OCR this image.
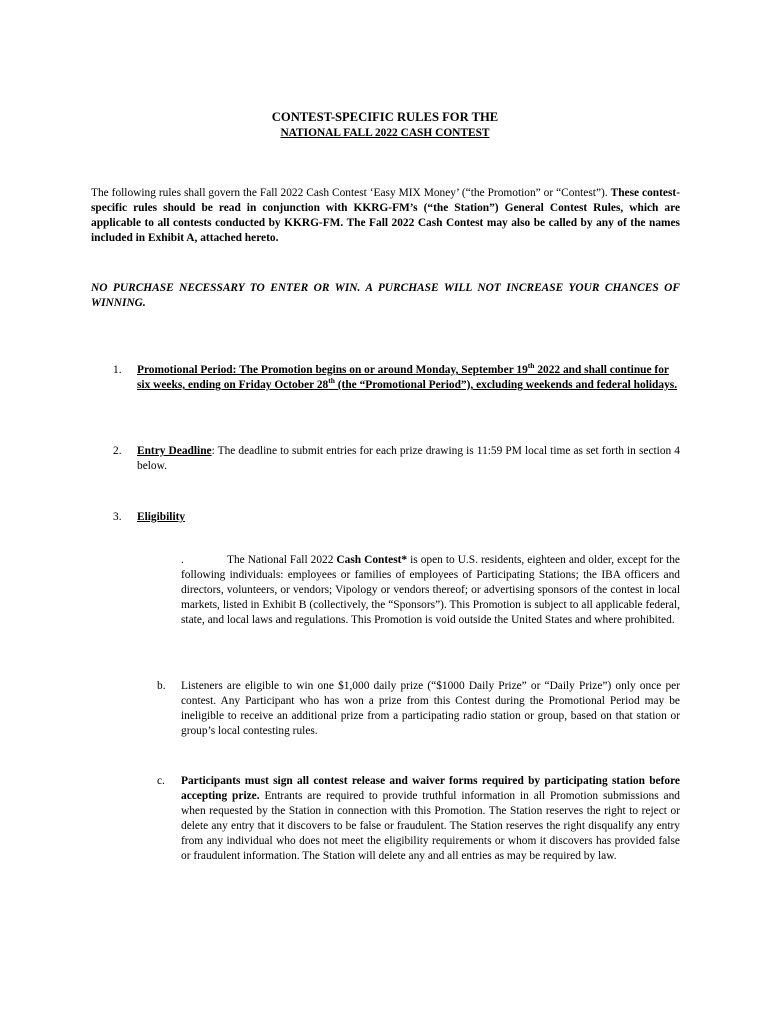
CONTEST-SPECIFIC RULES FOR THE
NATIONAL FALL 2022 CASH CONTEST
The following rules shall govern the Fall 2022 Cash Contest ‘Easy MIX Money’ (“the Promotion” or “Contest”). These contest-specific rules should be read in conjunction with KKRG-FM’s (“the Station”) General Contest Rules, which are applicable to all contests conducted by KKRG-FM. The Fall 2022 Cash Contest may also be called by any of the names included in Exhibit A, attached hereto.
NO PURCHASE NECESSARY TO ENTER OR WIN. A PURCHASE WILL NOT INCREASE YOUR CHANCES OF WINNING.
1. Promotional Period: The Promotion begins on or around Monday, September 19th 2022 and shall continue for six weeks, ending on Friday October 28th (the “Promotional Period”), excluding weekends and federal holidays.
2. Entry Deadline: The deadline to submit entries for each prize drawing is 11:59 PM local time as set forth in section 4 below.
3. Eligibility
.	The National Fall 2022 Cash Contest* is open to U.S. residents, eighteen and older, except for the following individuals: employees or families of employees of Participating Stations; the IBA officers and directors, volunteers, or vendors; Vipology or vendors thereof; or advertising sponsors of the contest in local markets, listed in Exhibit B (collectively, the “Sponsors”). This Promotion is subject to all applicable federal, state, and local laws and regulations. This Promotion is void outside the United States and where prohibited.
b. Listeners are eligible to win one $1,000 daily prize (“$1000 Daily Prize” or “Daily Prize”) only once per contest. Any Participant who has won a prize from this Contest during the Promotional Period may be ineligible to receive an additional prize from a participating radio station or group, based on that station or group’s local contesting rules.
c. Participants must sign all contest release and waiver forms required by participating station before accepting prize. Entrants are required to provide truthful information in all Promotion submissions and when requested by the Station in connection with this Promotion. The Station reserves the right to reject or delete any entry that it discovers to be false or fraudulent. The Station reserves the right disqualify any entry from any individual who does not meet the eligibility requirements or whom it discovers has provided false or fraudulent information. The Station will delete any and all entries as may be required by law.
